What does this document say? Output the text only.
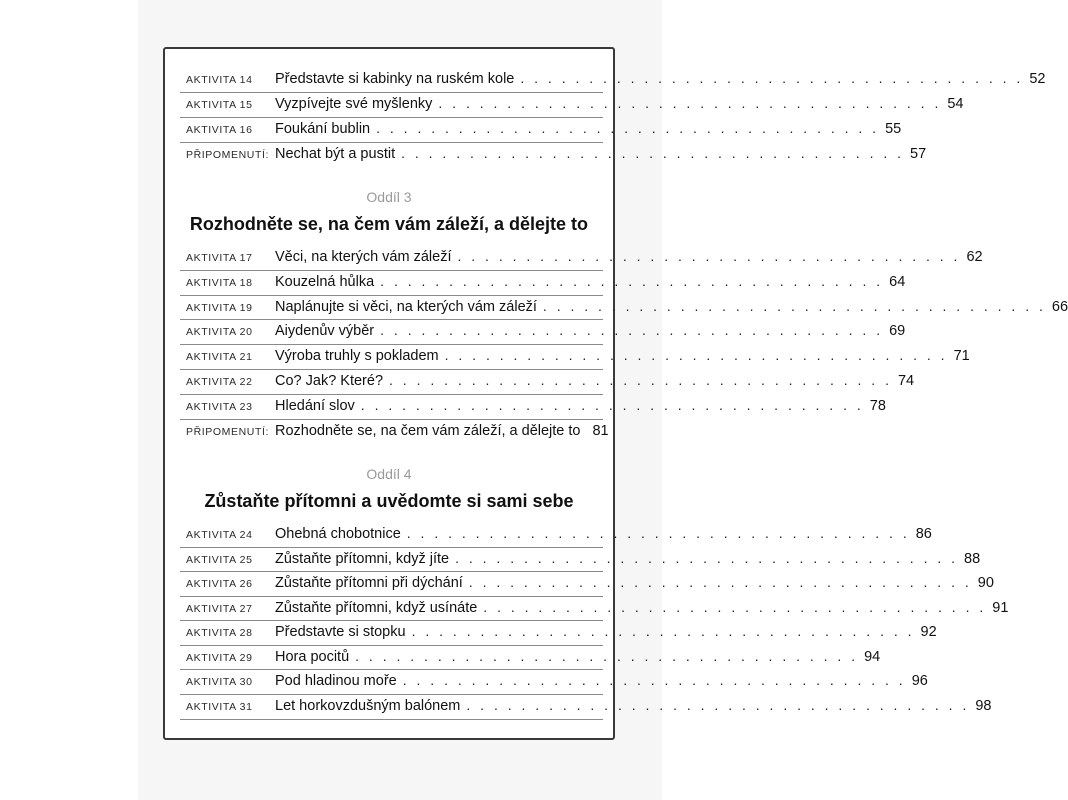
AKTIVITA 14	Představte si kabinky na ruském kole . . . . . . . . . . . . . . . . . . . . . . . . . . . . . . . . . . . . . 52
AKTIVITA 15	Vyzpívejte své myšlenky . . . . . . . . . . . . . . . . . . . . . . . . . . . . . . . . . . . . . 54
AKTIVITA 16	Foukání bublin . . . . . . . . . . . . . . . . . . . . . . . . . . . . . . . . . . . . . 55
PŘIPOMENUTÍ: Nechat být a pustit . . . . . . . . . . . . . . . . . . . . . . . . . . . . . . . . . . . . . 57
Oddíl 3
Rozhodněte se, na čem vám záleží, a dělejte to
AKTIVITA 17	Věci, na kterých vám záleží . . . . . . . . . . . . . . . . . . . . . . . . . . . . . . . . . . . . . 62
AKTIVITA 18	Kouzelná hůlka . . . . . . . . . . . . . . . . . . . . . . . . . . . . . . . . . . . . . 64
AKTIVITA 19	Naplánujte si věci, na kterých vám záleží . . . . . . . . . . . . . . . . . . . . . . . . . . . . . . . . . . . . . 66
AKTIVITA 20	Aiydenův výběr . . . . . . . . . . . . . . . . . . . . . . . . . . . . . . . . . . . . . 69
AKTIVITA 21	Výroba truhly s pokladem . . . . . . . . . . . . . . . . . . . . . . . . . . . . . . . . . . . . . 71
AKTIVITA 22	Co? Jak? Které? . . . . . . . . . . . . . . . . . . . . . . . . . . . . . . . . . . . . . 74
AKTIVITA 23	Hledání slov . . . . . . . . . . . . . . . . . . . . . . . . . . . . . . . . . . . . . 78
PŘIPOMENUTÍ: Rozhodněte se, na čem vám záleží, a dělejte to 81
Oddíl 4
Zůstaňte přítomni a uvědomte si sami sebe
AKTIVITA 24	Ohebná chobotnice . . . . . . . . . . . . . . . . . . . . . . . . . . . . . . . . . . . . . 86
AKTIVITA 25	Zůstaňte přítomni, když jíte . . . . . . . . . . . . . . . . . . . . . . . . . . . . . . . . . . . . . 88
AKTIVITA 26	Zůstaňte přítomni při dýchání . . . . . . . . . . . . . . . . . . . . . . . . . . . . . . . . . . . . . 90
AKTIVITA 27	Zůstaňte přítomni, když usínáte . . . . . . . . . . . . . . . . . . . . . . . . . . . . . . . . . . . . . 91
AKTIVITA 28	Představte si stopku . . . . . . . . . . . . . . . . . . . . . . . . . . . . . . . . . . . . . 92
AKTIVITA 29	Hora pocitů . . . . . . . . . . . . . . . . . . . . . . . . . . . . . . . . . . . . . 94
AKTIVITA 30	Pod hladinou moře . . . . . . . . . . . . . . . . . . . . . . . . . . . . . . . . . . . . . 96
AKTIVITA 31	Let horkovzdušným balónem . . . . . . . . . . . . . . . . . . . . . . . . . . . . . . . . . . . . . 98
